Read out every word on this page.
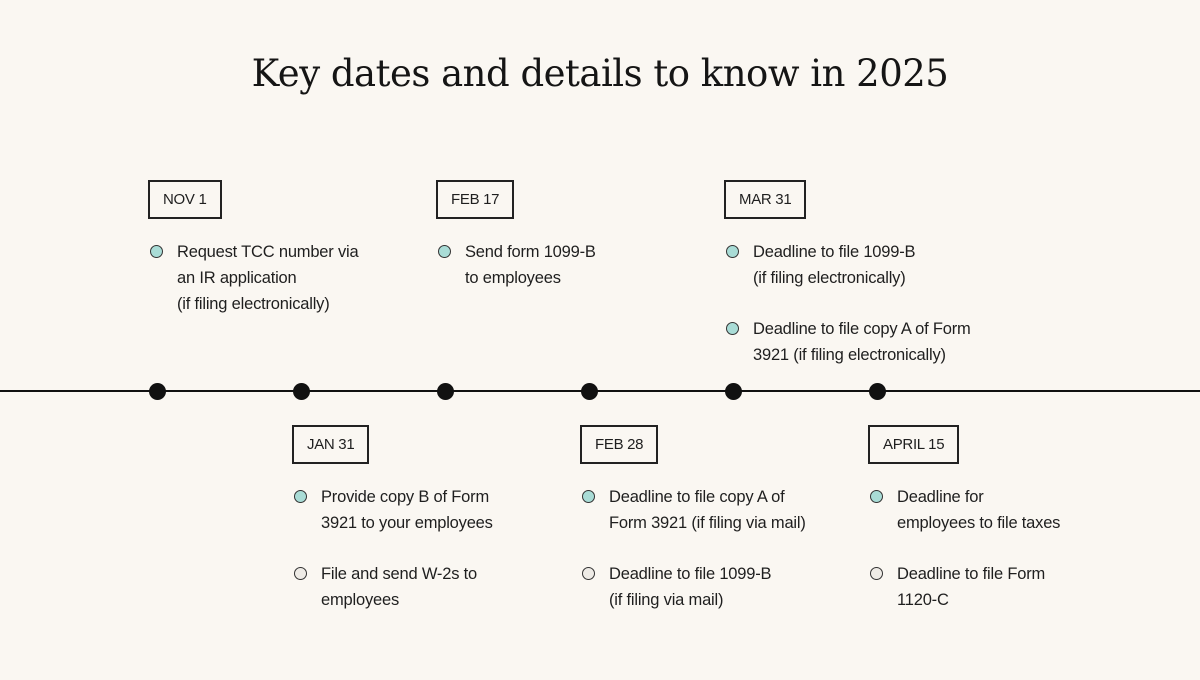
Key dates and details to know in 2025
NOV 1
Request TCC number via
an IR application
(if filing electronically)
JAN 31
Provide copy B of Form
3921 to your employees
File and send W-2s to
employees
FEB 17
Send form 1099-B
to employees
FEB 28
Deadline to file copy A of
Form 3921 (if filing via mail)
Deadline to file 1099-B
(if filing via mail)
MAR 31
Deadline to file 1099-B
(if filing electronically)
Deadline to file copy A of Form
3921 (if filing electronically)
APRIL 15
Deadline for
employees to file taxes
Deadline to file Form
1120-C
